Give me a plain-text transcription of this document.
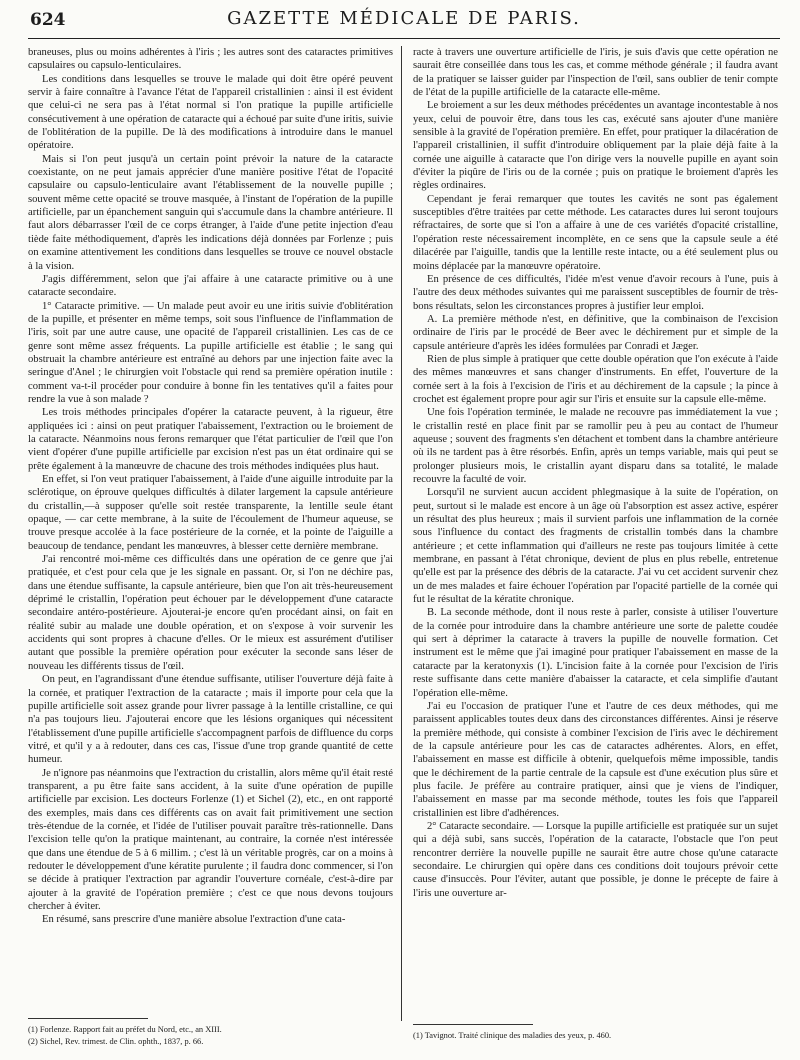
624	GAZETTE MÉDICALE DE PARIS.

braneuses, plus ou moins adhérentes à l'iris ; les autres sont des cataractes primitives capsulaires ou capsulo-lenticulaires.

Les conditions dans lesquelles se trouve le malade qui doit être opéré peuvent servir à faire connaître à l'avance l'état de l'appareil cristallinien : ainsi il est évident que celui-ci ne sera pas à l'état normal si l'on pratique la pupille artificielle consécutivement à une opération de cataracte qui a échoué par suite d'une iritis, suivie de l'oblitération de la pupille. De là des modifications à introduire dans le manuel opératoire.

Mais si l'on peut jusqu'à un certain point prévoir la nature de la cataracte coexistante, on ne peut jamais apprécier d'une manière positive l'état de l'opacité capsulaire ou capsulo-lenticulaire avant l'établissement de la nouvelle pupille ; souvent même cette opacité se trouve masquée, à l'instant de l'opération de la pupille artificielle, par un épanchement sanguin qui s'accumule dans la chambre antérieure. Il faut alors débarrasser l'œil de ce corps étranger, à l'aide d'une petite injection d'eau tiède faite méthodiquement, d'après les indications déjà données par Forlenze ; puis on examine attentivement les conditions dans lesquelles se trouve ce nouvel obstacle à la vision.

J'agis différemment, selon que j'ai affaire à une cataracte primitive ou à une cataracte secondaire.

1° Cataracte primitive. — Un malade peut avoir eu une iritis suivie d'oblitération de la pupille, et présenter en même temps, soit sous l'influence de l'inflammation de l'iris, soit par une autre cause, une opacité de l'appareil cristallinien. Les cas de ce genre sont même assez fréquents. La pupille artificielle est établie ; le sang qui obstruait la chambre antérieure est entraîné au dehors par une injection faite avec la seringue d'Anel ; le chirurgien voit l'obstacle qui rend sa première opération inutile : comment va-t-il procéder pour conduire à bonne fin les tentatives qu'il a faites pour rendre la vue à son malade ?

Les trois méthodes principales d'opérer la cataracte peuvent, à la rigueur, être appliquées ici : ainsi on peut pratiquer l'abaissement, l'extraction ou le broiement de la cataracte. Néanmoins nous ferons remarquer que l'état particulier de l'œil que l'on vient d'opérer d'une pupille artificielle par excision n'est pas un état ordinaire qui se prête également à la manœuvre de chacune des trois méthodes indiquées plus haut.

En effet, si l'on veut pratiquer l'abaissement, à l'aide d'une aiguille introduite par la sclérotique, on éprouve quelques difficultés à dilater largement la capsule antérieure du cristallin,—à supposer qu'elle soit restée transparente, la lentille seule étant opaque, — car cette membrane, à la suite de l'écoulement de l'humeur aqueuse, se trouve presque accolée à la face postérieure de la cornée, et la pointe de l'aiguille a beaucoup de tendance, pendant les manœuvres, à blesser cette dernière membrane.

J'ai rencontré moi-même ces difficultés dans une opération de ce genre que j'ai pratiquée, et c'est pour cela que je les signale en passant. Or, si l'on ne déchire pas, dans une étendue suffisante, la capsule antérieure, bien que l'on ait très-heureusement déprimé le cristallin, l'opération peut échouer par le développement d'une cataracte secondaire antéro-postérieure. Ajouterai-je encore qu'en procédant ainsi, on fait en réalité subir au malade une double opération, et on s'expose à voir survenir les accidents qui sont propres à chacune d'elles. Or le mieux est assurément d'utiliser autant que possible la première opération pour exécuter la seconde sans léser de nouveau les différents tissus de l'œil.

On peut, en l'agrandissant d'une étendue suffisante, utiliser l'ouverture déjà faite à la cornée, et pratiquer l'extraction de la cataracte ; mais il importe pour cela que la pupille artificielle soit assez grande pour livrer passage à la lentille cristalline, ce qui n'a pas toujours lieu. J'ajouterai encore que les lésions organiques qui nécessitent l'établissement d'une pupille artificielle s'accompagnent parfois de diffluence du corps vitré, et qu'il y a à redouter, dans ces cas, l'issue d'une trop grande quantité de cette humeur.

Je n'ignore pas néanmoins que l'extraction du cristallin, alors même qu'il était resté transparent, a pu être faite sans accident, à la suite d'une opération de pupille artificielle par excision. Les docteurs Forlenze (1) et Sichel (2), etc., en ont rapporté des exemples, mais dans ces différents cas on avait fait primitivement une section très-étendue de la cornée, et l'idée de l'utiliser pouvait paraître très-rationnelle. Dans l'excision telle qu'on la pratique maintenant, au contraire, la cornée n'est intéressée que dans une étendue de 5 à 6 millim. ; c'est là un véritable progrès, car on a moins à redouter le développement d'une kératite purulente ; il faudra donc commencer, si l'on se décide à pratiquer l'extraction par agrandir l'ouverture cornéale, c'est-à-dire par ajouter à la gravité de l'opération première ; c'est ce que nous devons toujours chercher à éviter.

En résumé, sans prescrire d'une manière absolue l'extraction d'une cata-

racte à travers une ouverture artificielle de l'iris, je suis d'avis que cette opération ne saurait être conseillée dans tous les cas, et comme méthode générale ; il faudra avant de la pratiquer se laisser guider par l'inspection de l'œil, sans oublier de tenir compte de l'état de la pupille artificielle de la cataracte elle-même.

Le broiement a sur les deux méthodes précédentes un avantage incontestable à nos yeux, celui de pouvoir être, dans tous les cas, exécuté sans ajouter d'une manière sensible à la gravité de l'opération première. En effet, pour pratiquer la dilacération de l'appareil cristallinien, il suffit d'introduire obliquement par la plaie déjà faite à la cornée une aiguille à cataracte que l'on dirige vers la nouvelle pupille en ayant soin d'éviter la piqûre de l'iris ou de la cornée ; puis on pratique le broiement d'après les règles ordinaires.

Cependant je ferai remarquer que toutes les cavités ne sont pas également susceptibles d'être traitées par cette méthode. Les cataractes dures lui seront toujours réfractaires, de sorte que si l'on a affaire à une de ces variétés d'opacité cristalline, l'opération reste nécessairement incomplète, en ce sens que la capsule seule a été dilacérée par l'aiguille, tandis que la lentille reste intacte, ou a été seulement plus ou moins déplacée par la manœuvre opératoire.

En présence de ces difficultés, l'idée m'est venue d'avoir recours à l'une, puis à l'autre des deux méthodes suivantes qui me paraissent susceptibles de fournir de très-bons résultats, selon les circonstances propres à justifier leur emploi.

A. La première méthode n'est, en définitive, que la combinaison de l'excision ordinaire de l'iris par le procédé de Beer avec le déchirement pur et simple de la capsule antérieure d'après les idées formulées par Conradi et Jæger.

Rien de plus simple à pratiquer que cette double opération que l'on exécute à l'aide des mêmes manœuvres et sans changer d'instruments. En effet, l'ouverture de la cornée sert à la fois à l'excision de l'iris et au déchirement de la capsule ; la pince à crochet est également propre pour agir sur l'iris et ensuite sur la capsule elle-même.

Une fois l'opération terminée, le malade ne recouvre pas immédiatement la vue ; le cristallin resté en place finit par se ramollir peu à peu au contact de l'humeur aqueuse ; souvent des fragments s'en détachent et tombent dans la chambre antérieure où ils ne tardent pas à être résorbés. Enfin, après un temps variable, mais qui peut se prolonger plusieurs mois, le cristallin ayant disparu dans sa totalité, le malade recouvre la faculté de voir.

Lorsqu'il ne survient aucun accident phlegmasique à la suite de l'opération, on peut, surtout si le malade est encore à un âge où l'absorption est assez active, espérer un résultat des plus heureux ; mais il survient parfois une inflammation de la cornée sous l'influence du contact des fragments de cristallin tombés dans la chambre antérieure ; et cette inflammation qui d'ailleurs ne reste pas toujours limitée à cette membrane, en passant à l'état chronique, devient de plus en plus rebelle, entretenue qu'elle est par la présence des débris de la cataracte. J'ai vu cet accident survenir chez un de mes malades et faire échouer l'opération par l'opacité partielle de la cornée qui fut le résultat de la kératite chronique.

B. La seconde méthode, dont il nous reste à parler, consiste à utiliser l'ouverture de la cornée pour introduire dans la chambre antérieure une sorte de palette coudée qui sert à déprimer la cataracte à travers la pupille de nouvelle formation. Cet instrument est le même que j'ai imaginé pour pratiquer l'abaissement en masse de la cataracte par la keratonyxis (1). L'incision faite à la cornée pour l'excision de l'iris reste suffisante dans cette manière d'abaisser la cataracte, et cela simplifie d'autant l'opération elle-même.

J'ai eu l'occasion de pratiquer l'une et l'autre de ces deux méthodes, qui me paraissent applicables toutes deux dans des circonstances différentes. Ainsi je réserve la première méthode, qui consiste à combiner l'excision de l'iris avec le déchirement de la capsule antérieure pour les cas de cataractes adhérentes. Alors, en effet, l'abaissement en masse est difficile à obtenir, quelquefois même impossible, tandis que le déchirement de la partie centrale de la capsule est d'une exécution plus sûre et plus facile. Je préfère au contraire pratiquer, ainsi que je viens de l'indiquer, l'abaissement en masse par ma seconde méthode, toutes les fois que l'appareil cristallinien est libre d'adhérences.

2° Cataracte secondaire. — Lorsque la pupille artificielle est pratiquée sur un sujet qui a déjà subi, sans succès, l'opération de la cataracte, l'obstacle que l'on peut rencontrer derrière la nouvelle pupille ne saurait être autre chose qu'une cataracte secondaire. Le chirurgien qui opère dans ces conditions doit toujours prévoir cette cause d'insuccès. Pour l'éviter, autant que possible, je donne le précepte de faire à l'iris une ouverture ar-

(1) Forlenze. Rapport fait au préfet du Nord, etc., an XIII.
(2) Sichel, Rev. trimest. de Clin. ophth., 1837, p. 66.
(1) Tavignot. Traité clinique des maladies des yeux, p. 460.
